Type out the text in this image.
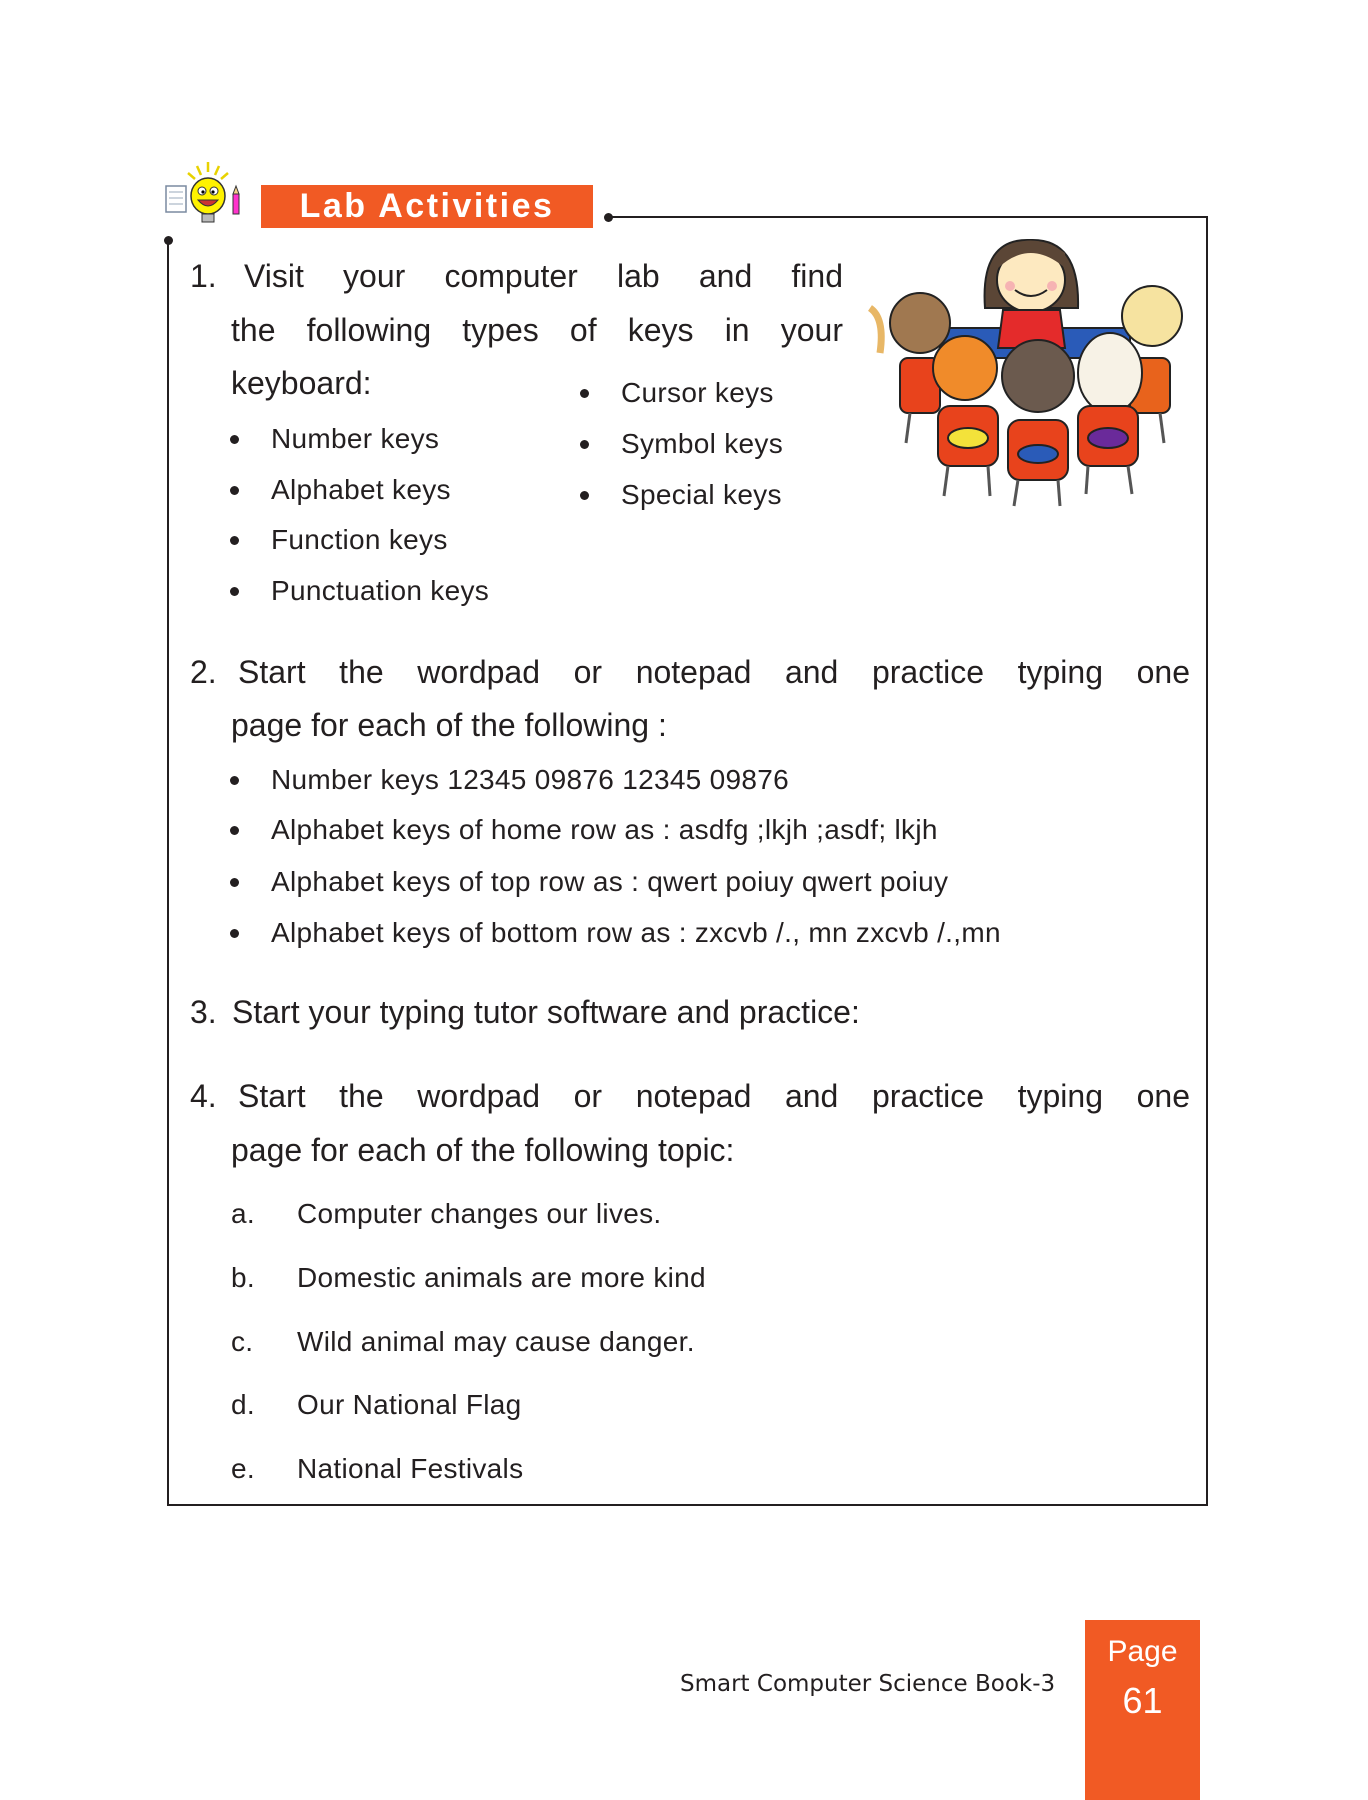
Lab Activities
1. Visit your computer lab and find
the following types of keys in your
keyboard:
Number keys
Alphabet keys
Function keys
Punctuation keys
Cursor keys
Symbol keys
Special keys
2. Start the wordpad or notepad and practice typing one
page for each of the following :
Number keys 12345 09876 12345 09876
Alphabet keys of home row as : asdfg ;lkjh ;asdf; lkjh
Alphabet keys of top row as : qwert poiuy qwert poiuy
Alphabet keys of bottom row as : zxcvb /., mn zxcvb /.,mn
3. Start your typing tutor software and practice:
4. Start the wordpad or notepad and practice typing one
page for each of the following topic:
a. Computer changes our lives.
b. Domestic animals are more kind
c. Wild animal may cause danger.
d. Our National Flag
e. National Festivals
Smart Computer Science Book-3
Page
61
